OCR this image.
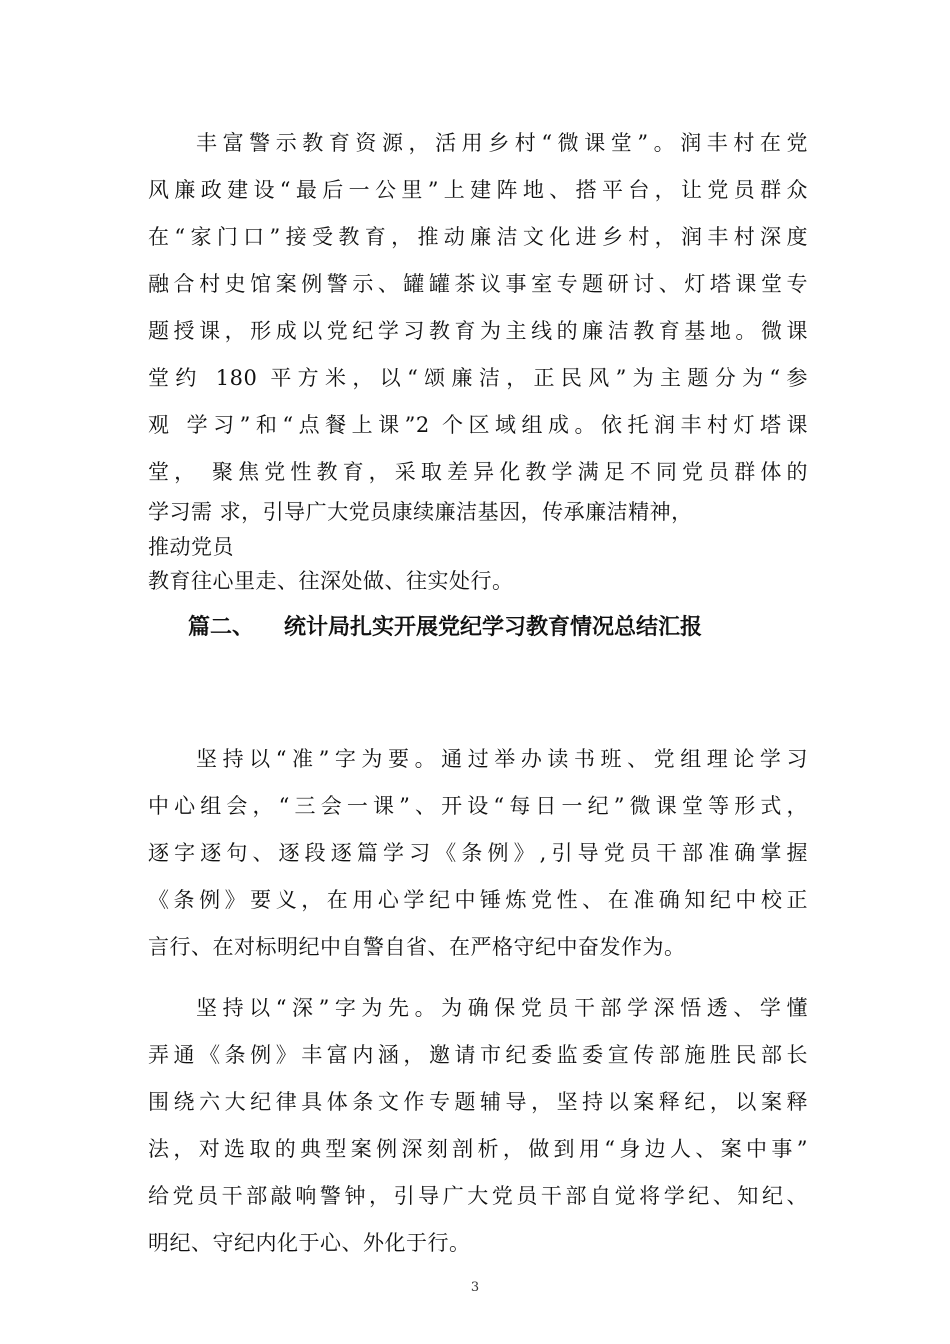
丰富警示教育资源，活用乡村“微课堂”。润丰村在党
风廉政建设“最后一公里”上建阵地、搭平台，让党员群众
在“家门口”接受教育，推动廉洁文化进乡村，润丰村深度
融合村史馆案例警示、罐罐茶议事室专题研讨、灯塔课堂专
题授课，形成以党纪学习教育为主线的廉洁教育基地。微课
堂约 180 平方米，以“颂廉洁，正民风”为主题分为“参
观 学习”和“点餐上课”2 个区域组成。依托润丰村灯塔课
堂， 聚焦党性教育，采取差异化教学满足不同党员群体的
学习需 求，引导广大党员康续廉洁基因，传承廉洁精神，
推动党员
教育往心里走、往深处做、往实处行。
篇二、 统计局扎实开展党纪学习教育情况总结汇报
坚持以“准”字为要。通过举办读书班、党组理论学习
中心组会，“三会一课”、开设“每日一纪”微课堂等形式，
逐字逐句、逐段逐篇学习《条例》,引导党员干部准确掌握
《条例》要义，在用心学纪中锤炼党性、在准确知纪中校正
言行、在对标明纪中自警自省、在严格守纪中奋发作为。
坚持以“深”字为先。为确保党员干部学深悟透、学懂
弄通《条例》丰富内涵，邀请市纪委监委宣传部施胜民部长
围绕六大纪律具体条文作专题辅导，坚持以案释纪，以案释
法，对选取的典型案例深刻剖析，做到用“身边人、案中事”
给党员干部敲响警钟，引导广大党员干部自觉将学纪、知纪、
明纪、守纪内化于心、外化于行。
3
